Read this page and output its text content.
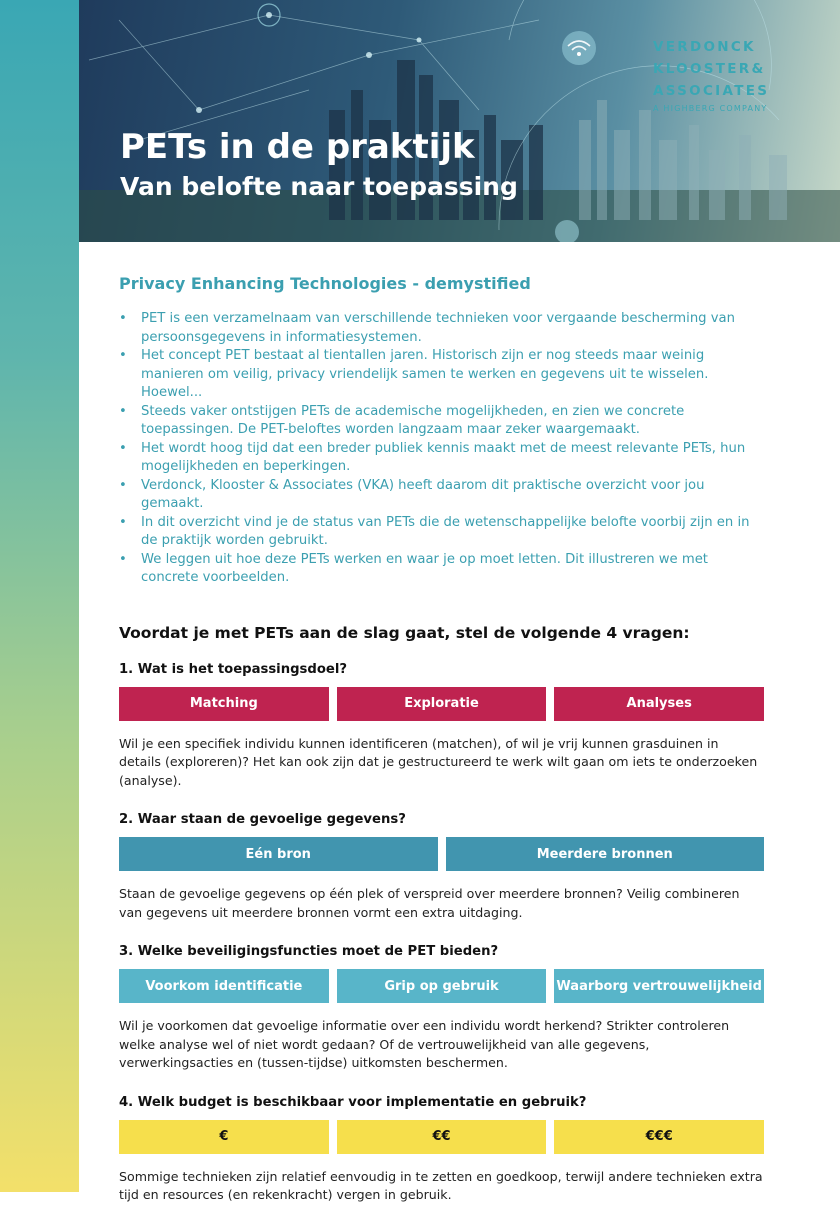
PETs in de praktijk
Van belofte naar toepassing
VERDONCK
KLOOSTER&
ASSOCIATES
A HIGHBERG COMPANY
Privacy Enhancing Technologies - demystified
• PET is een verzamelnaam van verschillende technieken voor vergaande bescherming van persoonsgegevens in informatiesystemen.
• Het concept PET bestaat al tientallen jaren. Historisch zijn er nog steeds maar weinig manieren om veilig, privacy vriendelijk samen te werken en gegevens uit te wisselen. Hoewel...
• Steeds vaker ontstijgen PETs de academische mogelijkheden, en zien we concrete toepassingen. De PET-beloftes worden langzaam maar zeker waargemaakt.
• Het wordt hoog tijd dat een breder publiek kennis maakt met de meest relevante PETs, hun mogelijkheden en beperkingen.
• Verdonck, Klooster & Associates (VKA) heeft daarom dit praktische overzicht voor jou gemaakt.
• In dit overzicht vind je de status van PETs die de wetenschappelijke belofte voorbij zijn en in de praktijk worden gebruikt.
• We leggen uit hoe deze PETs werken en waar je op moet letten. Dit illustreren we met concrete voorbeelden.
Voordat je met PETs aan de slag gaat, stel de volgende 4 vragen:
1. Wat is het toepassingsdoel?
Matching	Exploratie	Analyses

Wil je een specifiek individu kunnen identificeren (matchen), of wil je vrij kunnen grasduinen in details (exploreren)? Het kan ook zijn dat je gestructureerd te werk wilt gaan om iets te onderzoeken (analyse).

2. Waar staan de gevoelige gegevens?
Eén bron	Meerdere bronnen

Staan de gevoelige gegevens op één plek of verspreid over meerdere bronnen? Veilig combineren van gegevens uit meerdere bronnen vormt een extra uitdaging.

3. Welke beveiligingsfuncties moet de PET bieden?
Voorkom identificatie	Grip op gebruik	Waarborg vertrouwelijkheid

Wil je voorkomen dat gevoelige informatie over een individu wordt herkend? Strikter controleren welke analyse wel of niet wordt gedaan? Of de vertrouwelijkheid van alle gegevens, verwerkingsacties en (tussen-tijdse) uitkomsten beschermen.

4. Welk budget is beschikbaar voor implementatie en gebruik?
€	€€	€€€

Sommige technieken zijn relatief eenvoudig in te zetten en goedkoop, terwijl andere technieken extra tijd en resources (en rekenkracht) vergen in gebruik.
